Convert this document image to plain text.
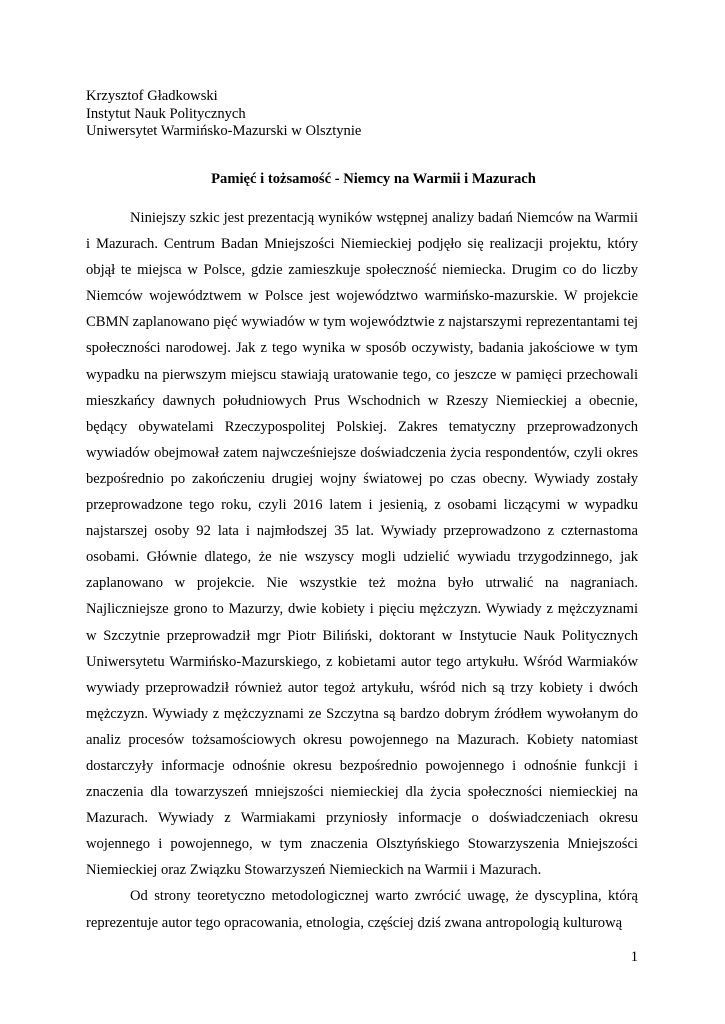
Krzysztof Gładkowski
Instytut Nauk Politycznych
Uniwersytet Warmińsko-Mazurski w Olsztynie
Pamięć i tożsamość - Niemcy na Warmii i Mazurach

Niniejszy szkic jest prezentacją wyników wstępnej analizy badań Niemców na Warmii i Mazurach. Centrum Badan Mniejszości Niemieckiej podjęło się realizacji projektu, który objął te miejsca w Polsce, gdzie zamieszkuje społeczność niemiecka. Drugim co do liczby Niemców województwem w Polsce jest województwo warmińsko-mazurskie. W projekcie CBMN zaplanowano pięć wywiadów w tym województwie z najstarszymi reprezentantami tej społeczności narodowej. Jak z tego wynika w sposób oczywisty, badania jakościowe w tym wypadku na pierwszym miejscu stawiają uratowanie tego, co jeszcze w pamięci przechowali mieszkańcy dawnych południowych Prus Wschodnich w Rzeszy Niemieckiej a obecnie, będący obywatelami Rzeczypospolitej Polskiej. Zakres tematyczny przeprowadzonych wywiadów obejmował zatem najwcześniejsze doświadczenia życia respondentów, czyli okres bezpośrednio po zakończeniu drugiej wojny światowej po czas obecny. Wywiady zostały przeprowadzone tego roku, czyli 2016 latem i jesienią, z osobami liczącymi w wypadku najstarszej osoby 92 lata i najmłodszej 35 lat. Wywiady przeprowadzono z czternastoma osobami. Głównie dlatego, że nie wszyscy mogli udzielić wywiadu trzygodzinnego, jak zaplanowano w projekcie. Nie wszystkie też można było utrwalić na nagraniach. Najliczniejsze grono to Mazurzy, dwie kobiety i pięciu mężczyzn. Wywiady z mężczyznami w Szczytnie przeprowadził mgr Piotr Biliński, doktorant w Instytucie Nauk Politycznych Uniwersytetu Warmińsko-Mazurskiego, z kobietami autor tego artykułu. Wśród Warmiaków wywiady przeprowadził również autor tegoż artykułu, wśród nich są trzy kobiety i dwóch mężczyzn. Wywiady z mężczyznami ze Szczytna są bardzo dobrym źródłem wywołanym do analiz procesów tożsamościowych okresu powojennego na Mazurach. Kobiety natomiast dostarczyły informacje odnośnie okresu bezpośrednio powojennego i odnośnie funkcji i znaczenia dla towarzyszeń mniejszości niemieckiej dla życia społeczności niemieckiej na Mazurach. Wywiady z Warmiakami przyniosły informacje o doświadczeniach okresu wojennego i powojennego, w tym znaczenia Olsztyńskiego Stowarzyszenia Mniejszości Niemieckiej oraz Związku Stowarzyszeń Niemieckich na Warmii i Mazurach.

Od strony teoretyczno metodologicznej warto zwrócić uwagę, że dyscyplina, którą reprezentuje autor tego opracowania, etnologia, częściej dziś zwana antropologią kulturową

1
